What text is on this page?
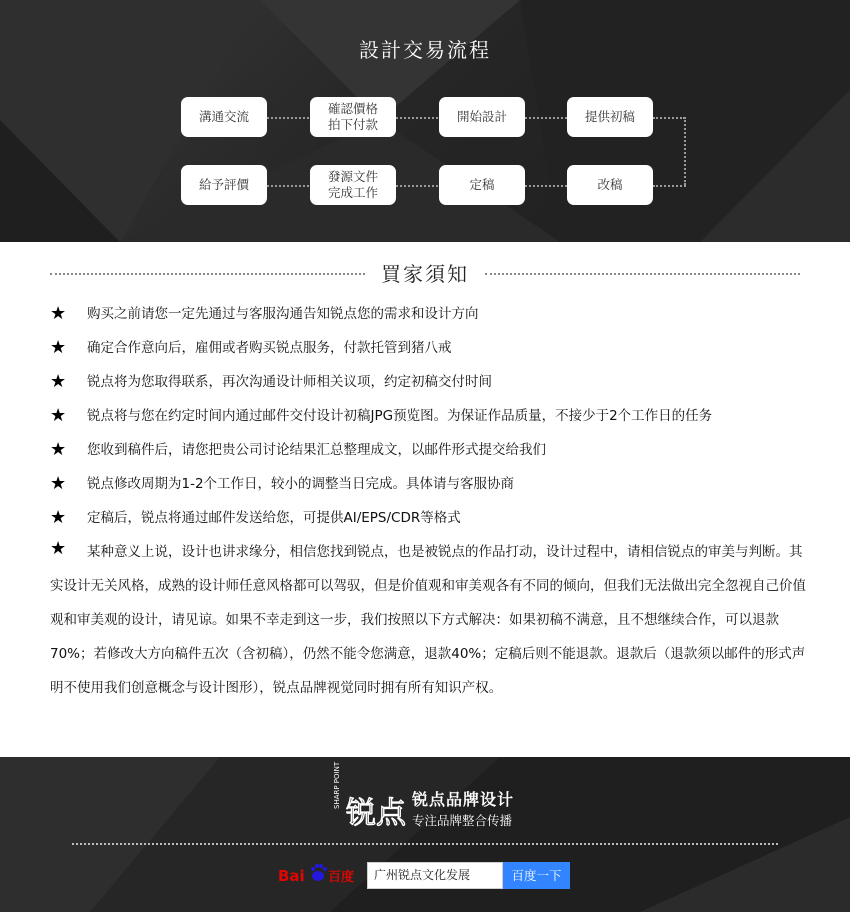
設計交易流程
溝通交流
確認價格
拍下付款
開始設計	提供初稿
給予評價
發源文件
完成工作
定稿	改稿
買家須知
★ 购买之前请您一定先通过与客服沟通告知锐点您的需求和设计方向
★ 确定合作意向后，雇佣或者购买锐点服务，付款托管到猪八戒
★ 锐点将为您取得联系，再次沟通设计师相关议项，约定初稿交付时间
★ 锐点将与您在约定时间内通过邮件交付设计初稿JPG预览图。为保证作品质量，不接少于2个工作日的任务
★ 您收到稿件后，请您把贵公司讨论结果汇总整理成文，以邮件形式提交给我们
★ 锐点修改周期为1-2个工作日，较小的调整当日完成。具体请与客服协商
★ 定稿后，锐点将通过邮件发送给您，可提供AI/EPS/CDR等格式
★	某种意义上说，设计也讲求缘分，相信您找到锐点，也是被锐点的作品打动，设计过程中，请相信锐点的审美与判断。其实设计无关风格，成熟的设计师任意风格都可以驾驭，但是价值观和审美观各有不同的倾向，但我们无法做出完全忽视自己价值观和审美观的设计，请见谅。如果不幸走到这一步，我们按照以下方式解决：如果初稿不满意，且不想继续合作，可以退款70%；若修改大方向稿件五次（含初稿），仍然不能令您满意，退款40%；定稿后则不能退款。退款后（退款须以邮件的形式声明不使用我们创意概念与设计图形），锐点品牌视觉同时拥有所有知识产权。
SHARP POINT
锐点 锐点品牌设计
专注品牌整合传播
Bai 百度	广州锐点文化发展	百度一下
